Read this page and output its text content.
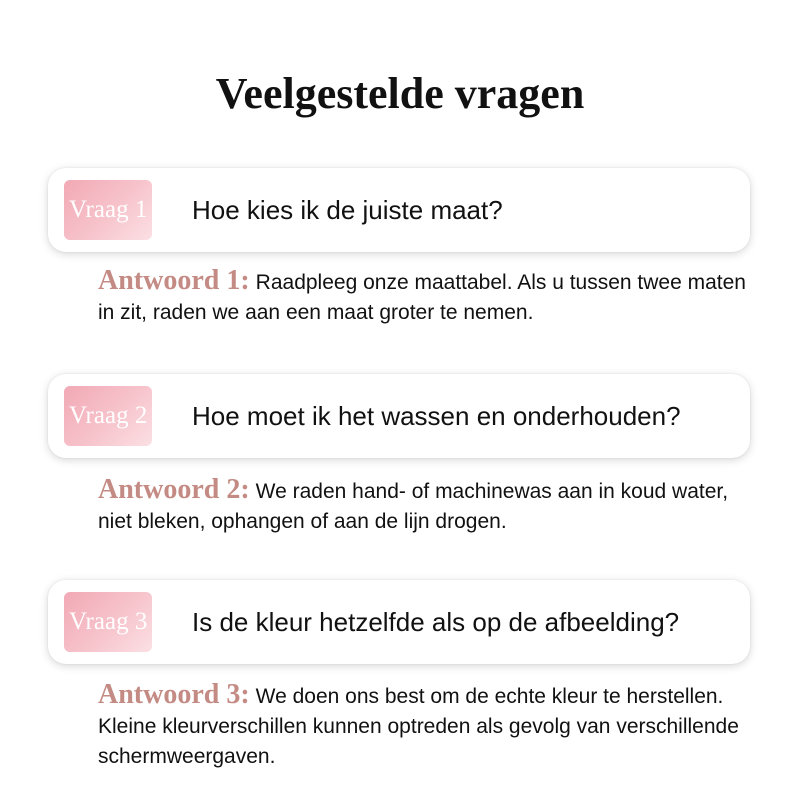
Veelgestelde vragen
Vraag 1 Hoe kies ik de juiste maat?

Antwoord 1: Raadpleeg onze maattabel. Als u tussen twee maten in zit, raden we aan een maat groter te nemen.

Vraag 2 Hoe moet ik het wassen en onderhouden?

Antwoord 2: We raden hand- of machinewas aan in koud water, niet bleken, ophangen of aan de lijn drogen.

Vraag 3 Is de kleur hetzelfde als op de afbeelding?

Antwoord 3: We doen ons best om de echte kleur te herstellen. Kleine kleurverschillen kunnen optreden als gevolg van verschillende schermweergaven.
